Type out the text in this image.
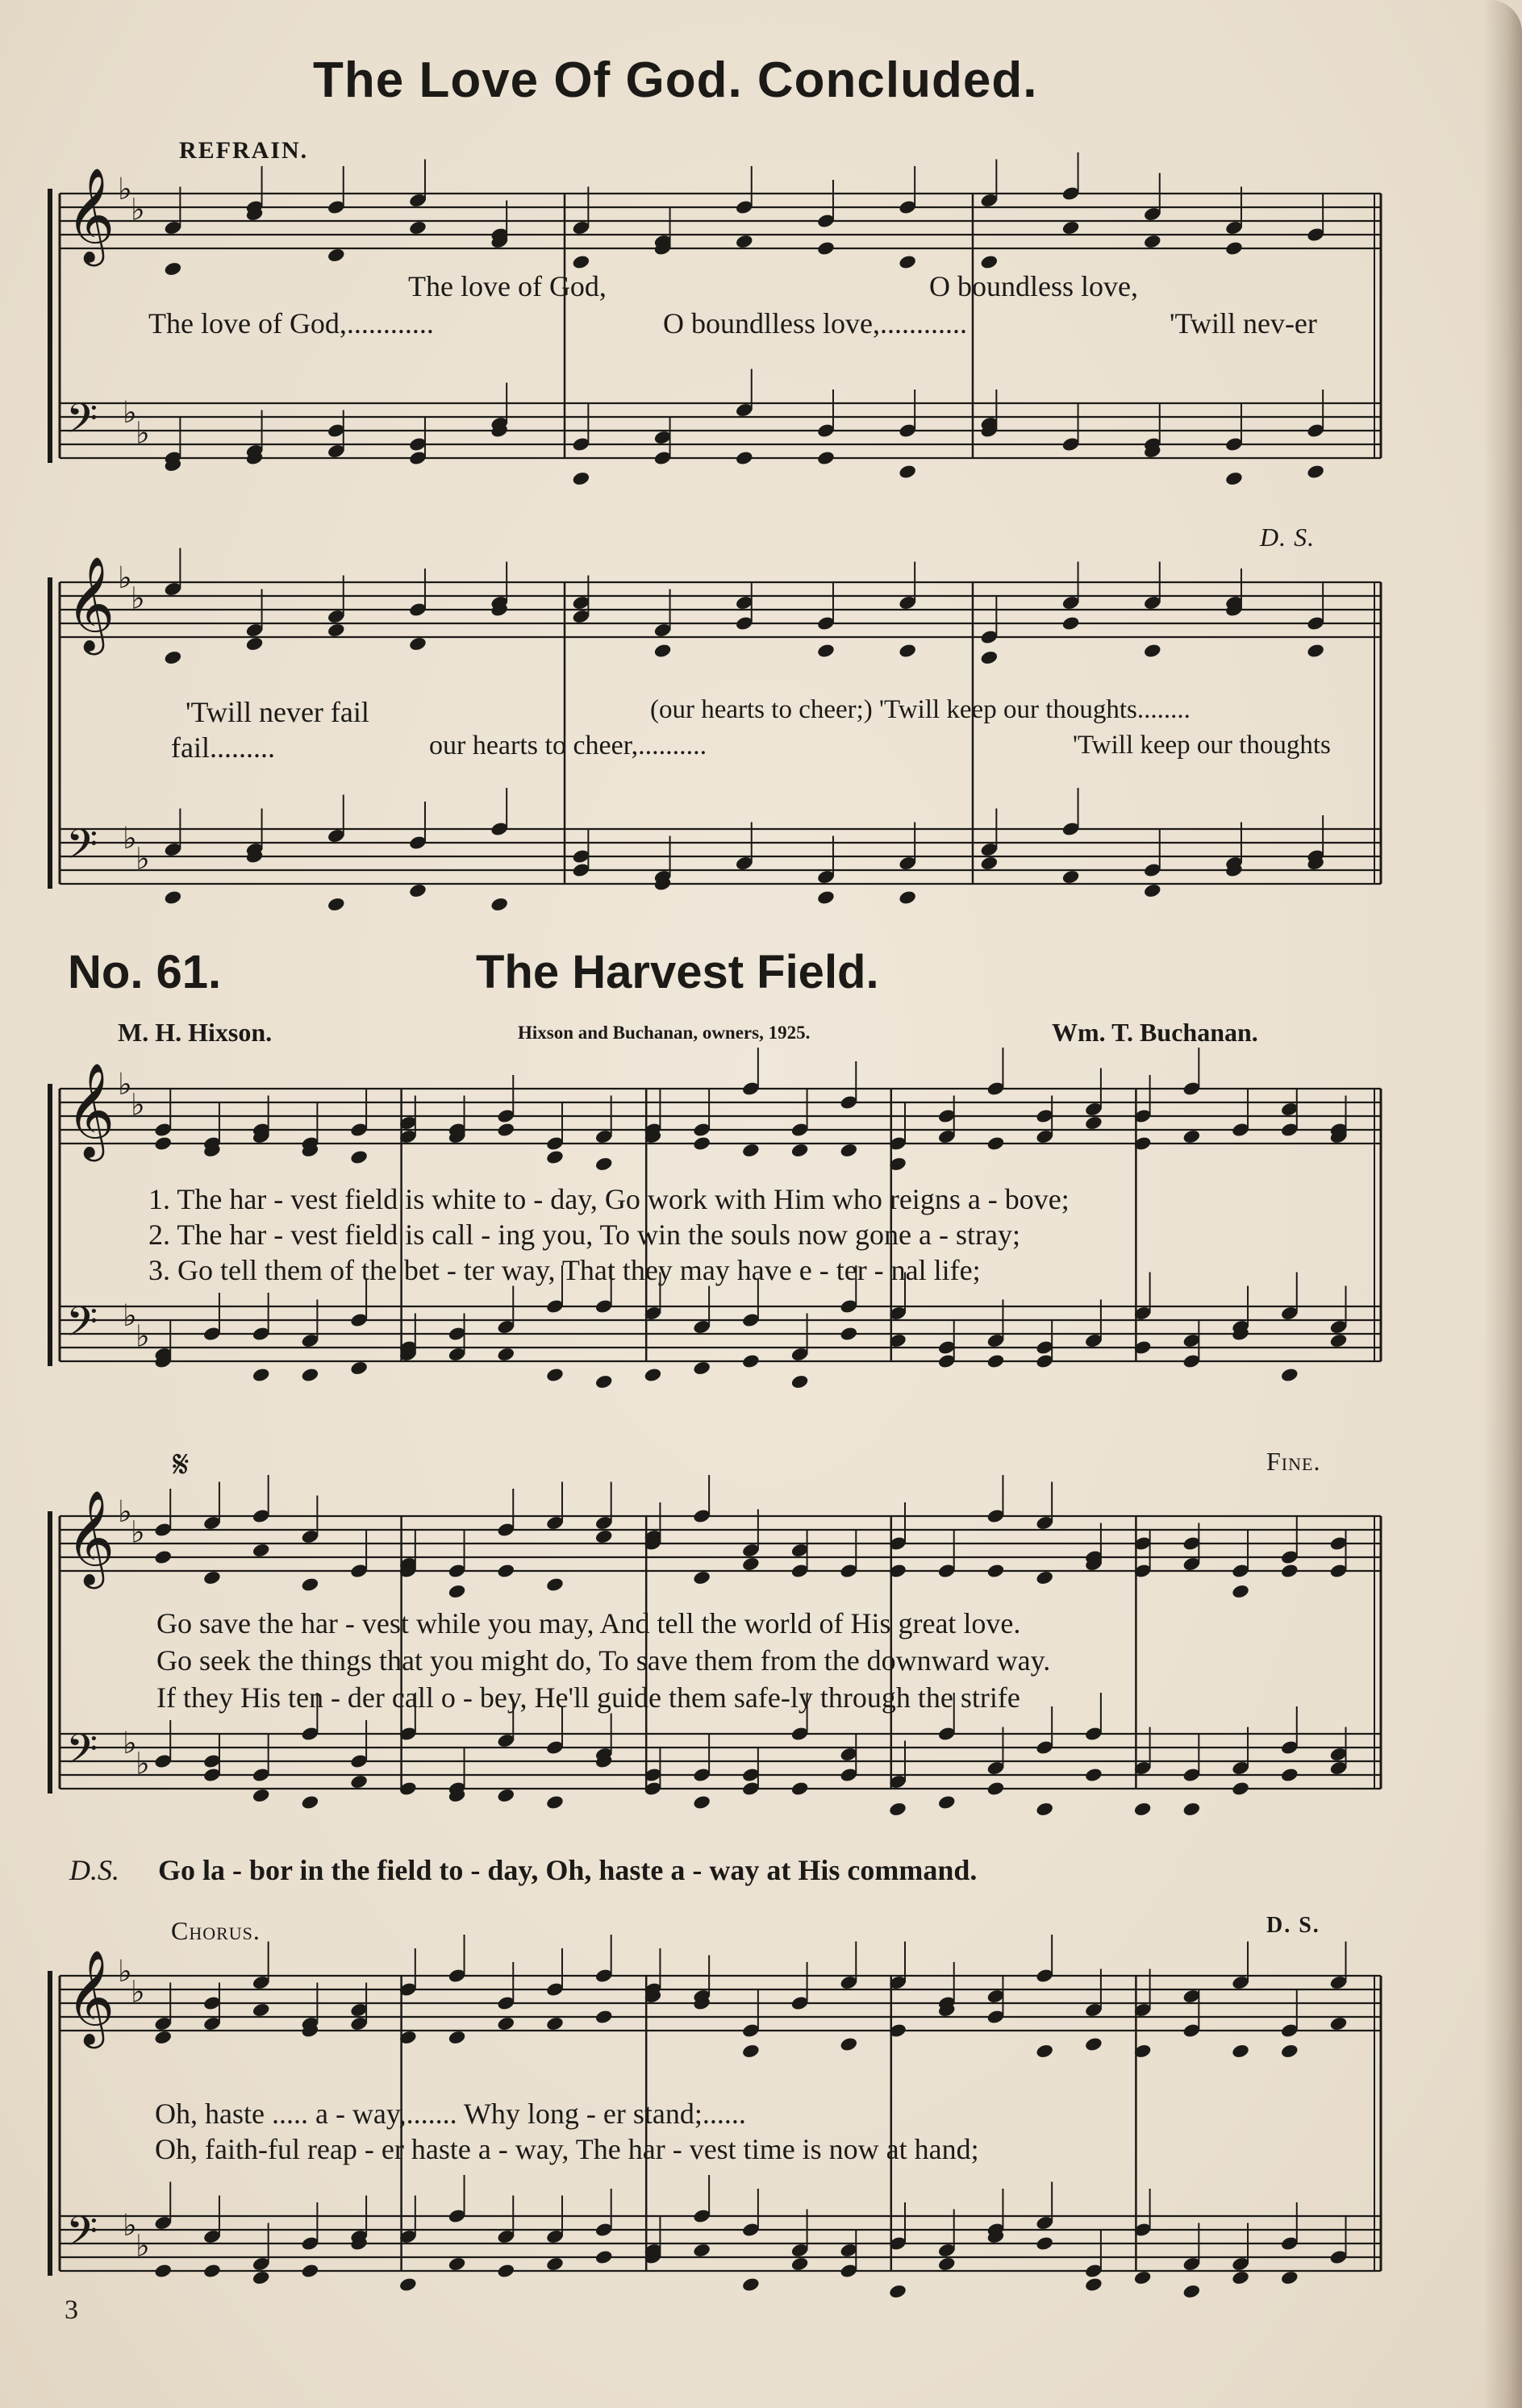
The Love Of God. Concluded.
REFRAIN.
The love of God,	O boundless love,
The love of God,............	O boundlless love,............	'Twill nev-er
D. S.
'Twill never fail	(our hearts to cheer;) 'Twill keep our thoughts........
fail.........	our hearts to cheer,..........	'Twill keep our thoughts
No. 61.	The Harvest Field.
M. H. Hixson.	Hixson and Buchanan, owners, 1925.	Wm. T. Buchanan.
1. The har - vest field is white to - day, Go work with Him who reigns a - bove;
2. The har - vest field is call - ing you, To win the souls now gone a - stray;
3. Go tell them of the bet - ter way, That they may have e - ter - nal life;
𝄋	Fine.
Go save the har - vest while you may, And tell the world of His great love.
Go seek the things that you might do, To save them from the downward way.
If they His ten - der call o - bey, He'll guide them safe-ly through the strife
D.S. Go la - bor in the field to - day, Oh, haste a - way at His command.
Chorus.	D. S.
Oh, haste ..... a - way,....... Why long - er stand;......
Oh, faith-ful reap - er haste a - way, The har - vest time is now at hand;
3
𝄞
𝄢
♭
♭
♭
♭
𝄞
𝄢
♭
♭
♭
♭
𝄞
𝄢
♭
♭
♭
♭
𝄞
𝄢
♭
♭
♭
♭
𝄞
𝄢
♭
♭
♭
♭
